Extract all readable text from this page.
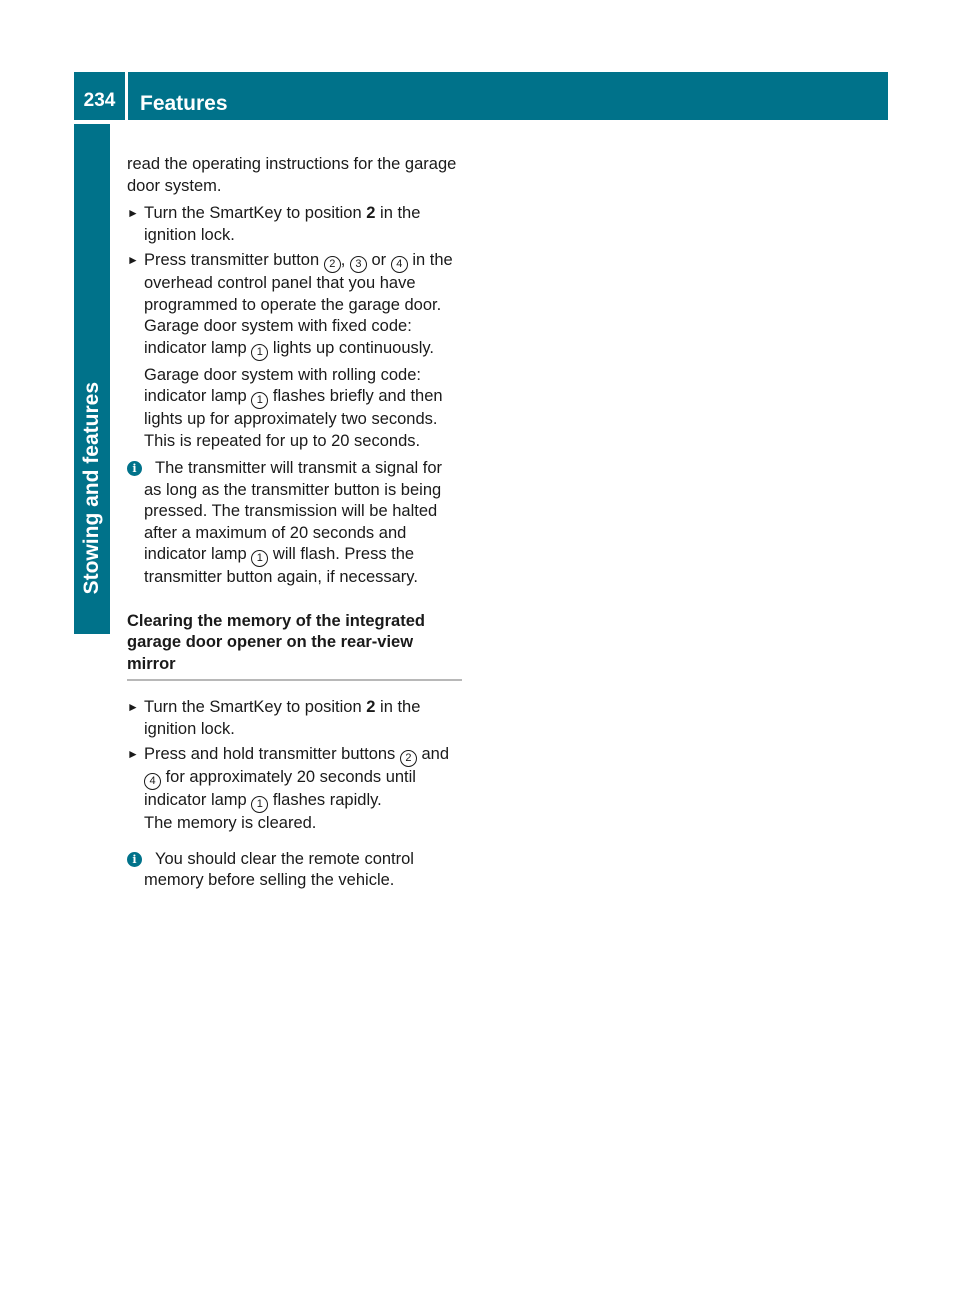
234	Features
Stowing and features

read the operating instructions for the garage door system.

► Turn the SmartKey to position 2 in the ignition lock.
► Press transmitter button 2 , 3 or 4 in the overhead control panel that you have programmed to operate the garage door. Garage door system with fixed code: indicator lamp 1 lights up continuously.

Garage door system with rolling code: indicator lamp 1 flashes briefly and then lights up for approximately two seconds. This is repeated for up to 20 seconds.

i	The transmitter will transmit a signal for as long as the transmitter button is being pressed. The transmission will be halted after a maximum of 20 seconds and indicator lamp 1 will flash. Press the transmitter button again, if necessary.
Clearing the memory of the integrated garage door opener on the rear-view mirror
► Turn the SmartKey to position 2 in the ignition lock.
► Press and hold transmitter buttons 2 and 4 for approximately 20 seconds until indicator lamp 1 flashes rapidly.
The memory is cleared.
i	You should clear the remote control memory before selling the vehicle.
